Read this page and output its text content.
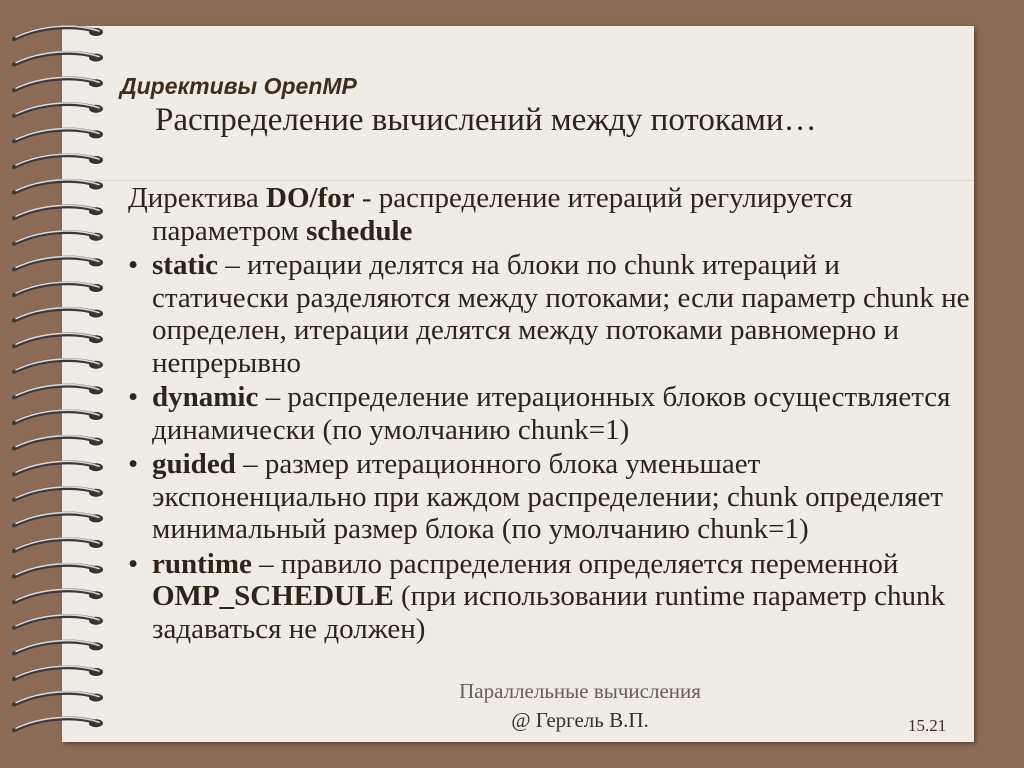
Директивы OpenMP
Распределение вычислений между потоками…

Директива DO/for - распределение итераций регулируется параметром schedule

• static – итерации делятся на блоки по chunk итераций и статически разделяются между потоками; если параметр chunk не определен, итерации делятся между потоками равномерно и непрерывно
• dynamic – распределение итерационных блоков осуществляется динамически (по умолчанию chunk=1)
• guided – размер итерационного блока уменьшает экспоненциально при каждом распределении; chunk определяет минимальный размер блока (по умолчанию chunk=1)
• runtime – правило распределения определяется переменной OMP_SCHEDULE (при использовании runtime параметр chunk задаваться не должен)
Параллельные вычисления
@ Гергель В.П.	15.21
